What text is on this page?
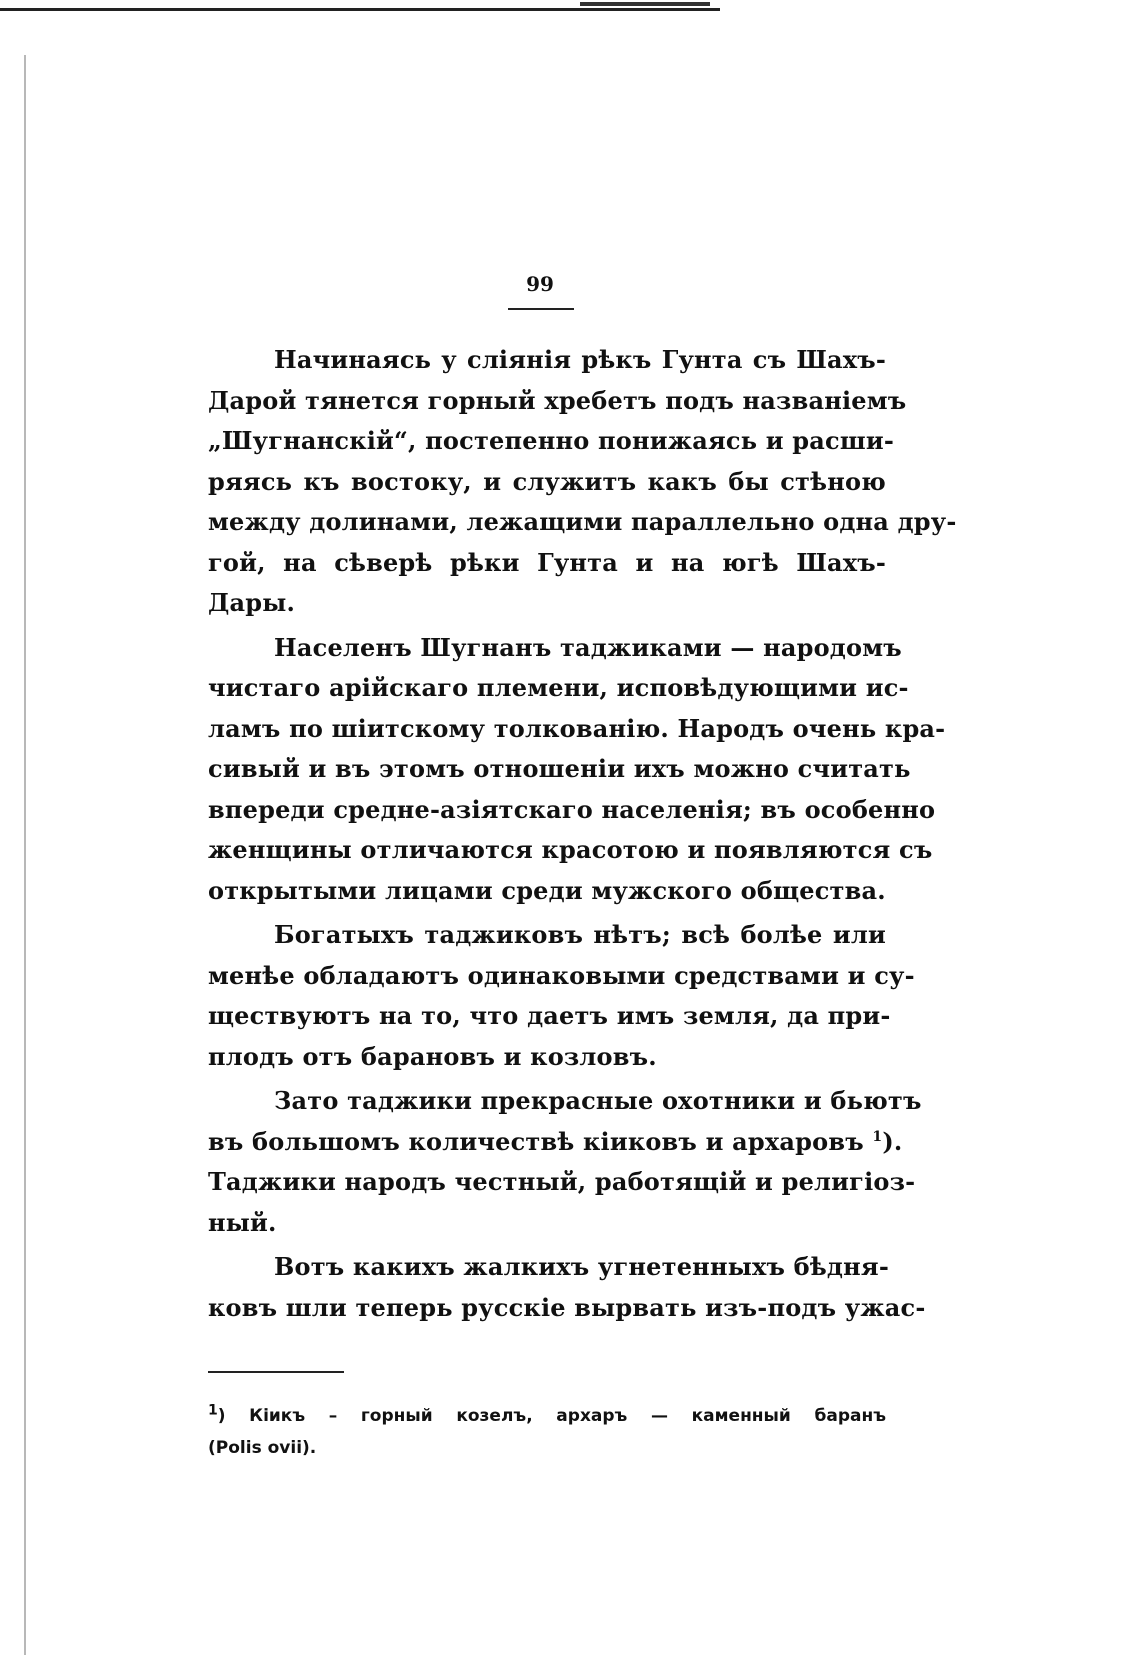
99
Начинаясь у сліянія рѣкъ Гунта съ Шахъ-
Дарой тянется горный хребетъ подъ названіемъ
„Шугнанскій“, постепенно понижаясь и расши-
ряясь къ востоку, и служитъ какъ бы стѣною
между долинами, лежащими параллельно одна дру-
гой, на сѣверѣ рѣки Гунта и на югѣ Шахъ-
Дары.
Населенъ Шугнанъ таджиками — народомъ
чистаго арійскаго племени, исповѣдующими ис-
ламъ по шіитскому толкованію. Народъ очень кра-
сивый и въ этомъ отношеніи ихъ можно считать
впереди средне-азіятскаго населенія; въ особенно
женщины отличаются красотою и появляются съ
открытыми лицами среди мужского общества.
Богатыхъ таджиковъ нѣтъ; всѣ болѣе или
менѣе обладаютъ одинаковыми средствами и су-
ществуютъ на то, что даетъ имъ земля, да при-
плодъ отъ барановъ и козловъ.
Зато таджики прекрасные охотники и бьютъ
въ большомъ количествѣ кіиковъ и архаровъ $^1$).
Таджики народъ честный, работящій и религіоз-
ный.
Вотъ какихъ жалкихъ угнетенныхъ бѣдня-
ковъ шли теперь русскіе вырвать изъ-подъ ужас-
$^1$) Кіикъ – горный козелъ, архаръ — каменный баранъ
(Polis ovii).
